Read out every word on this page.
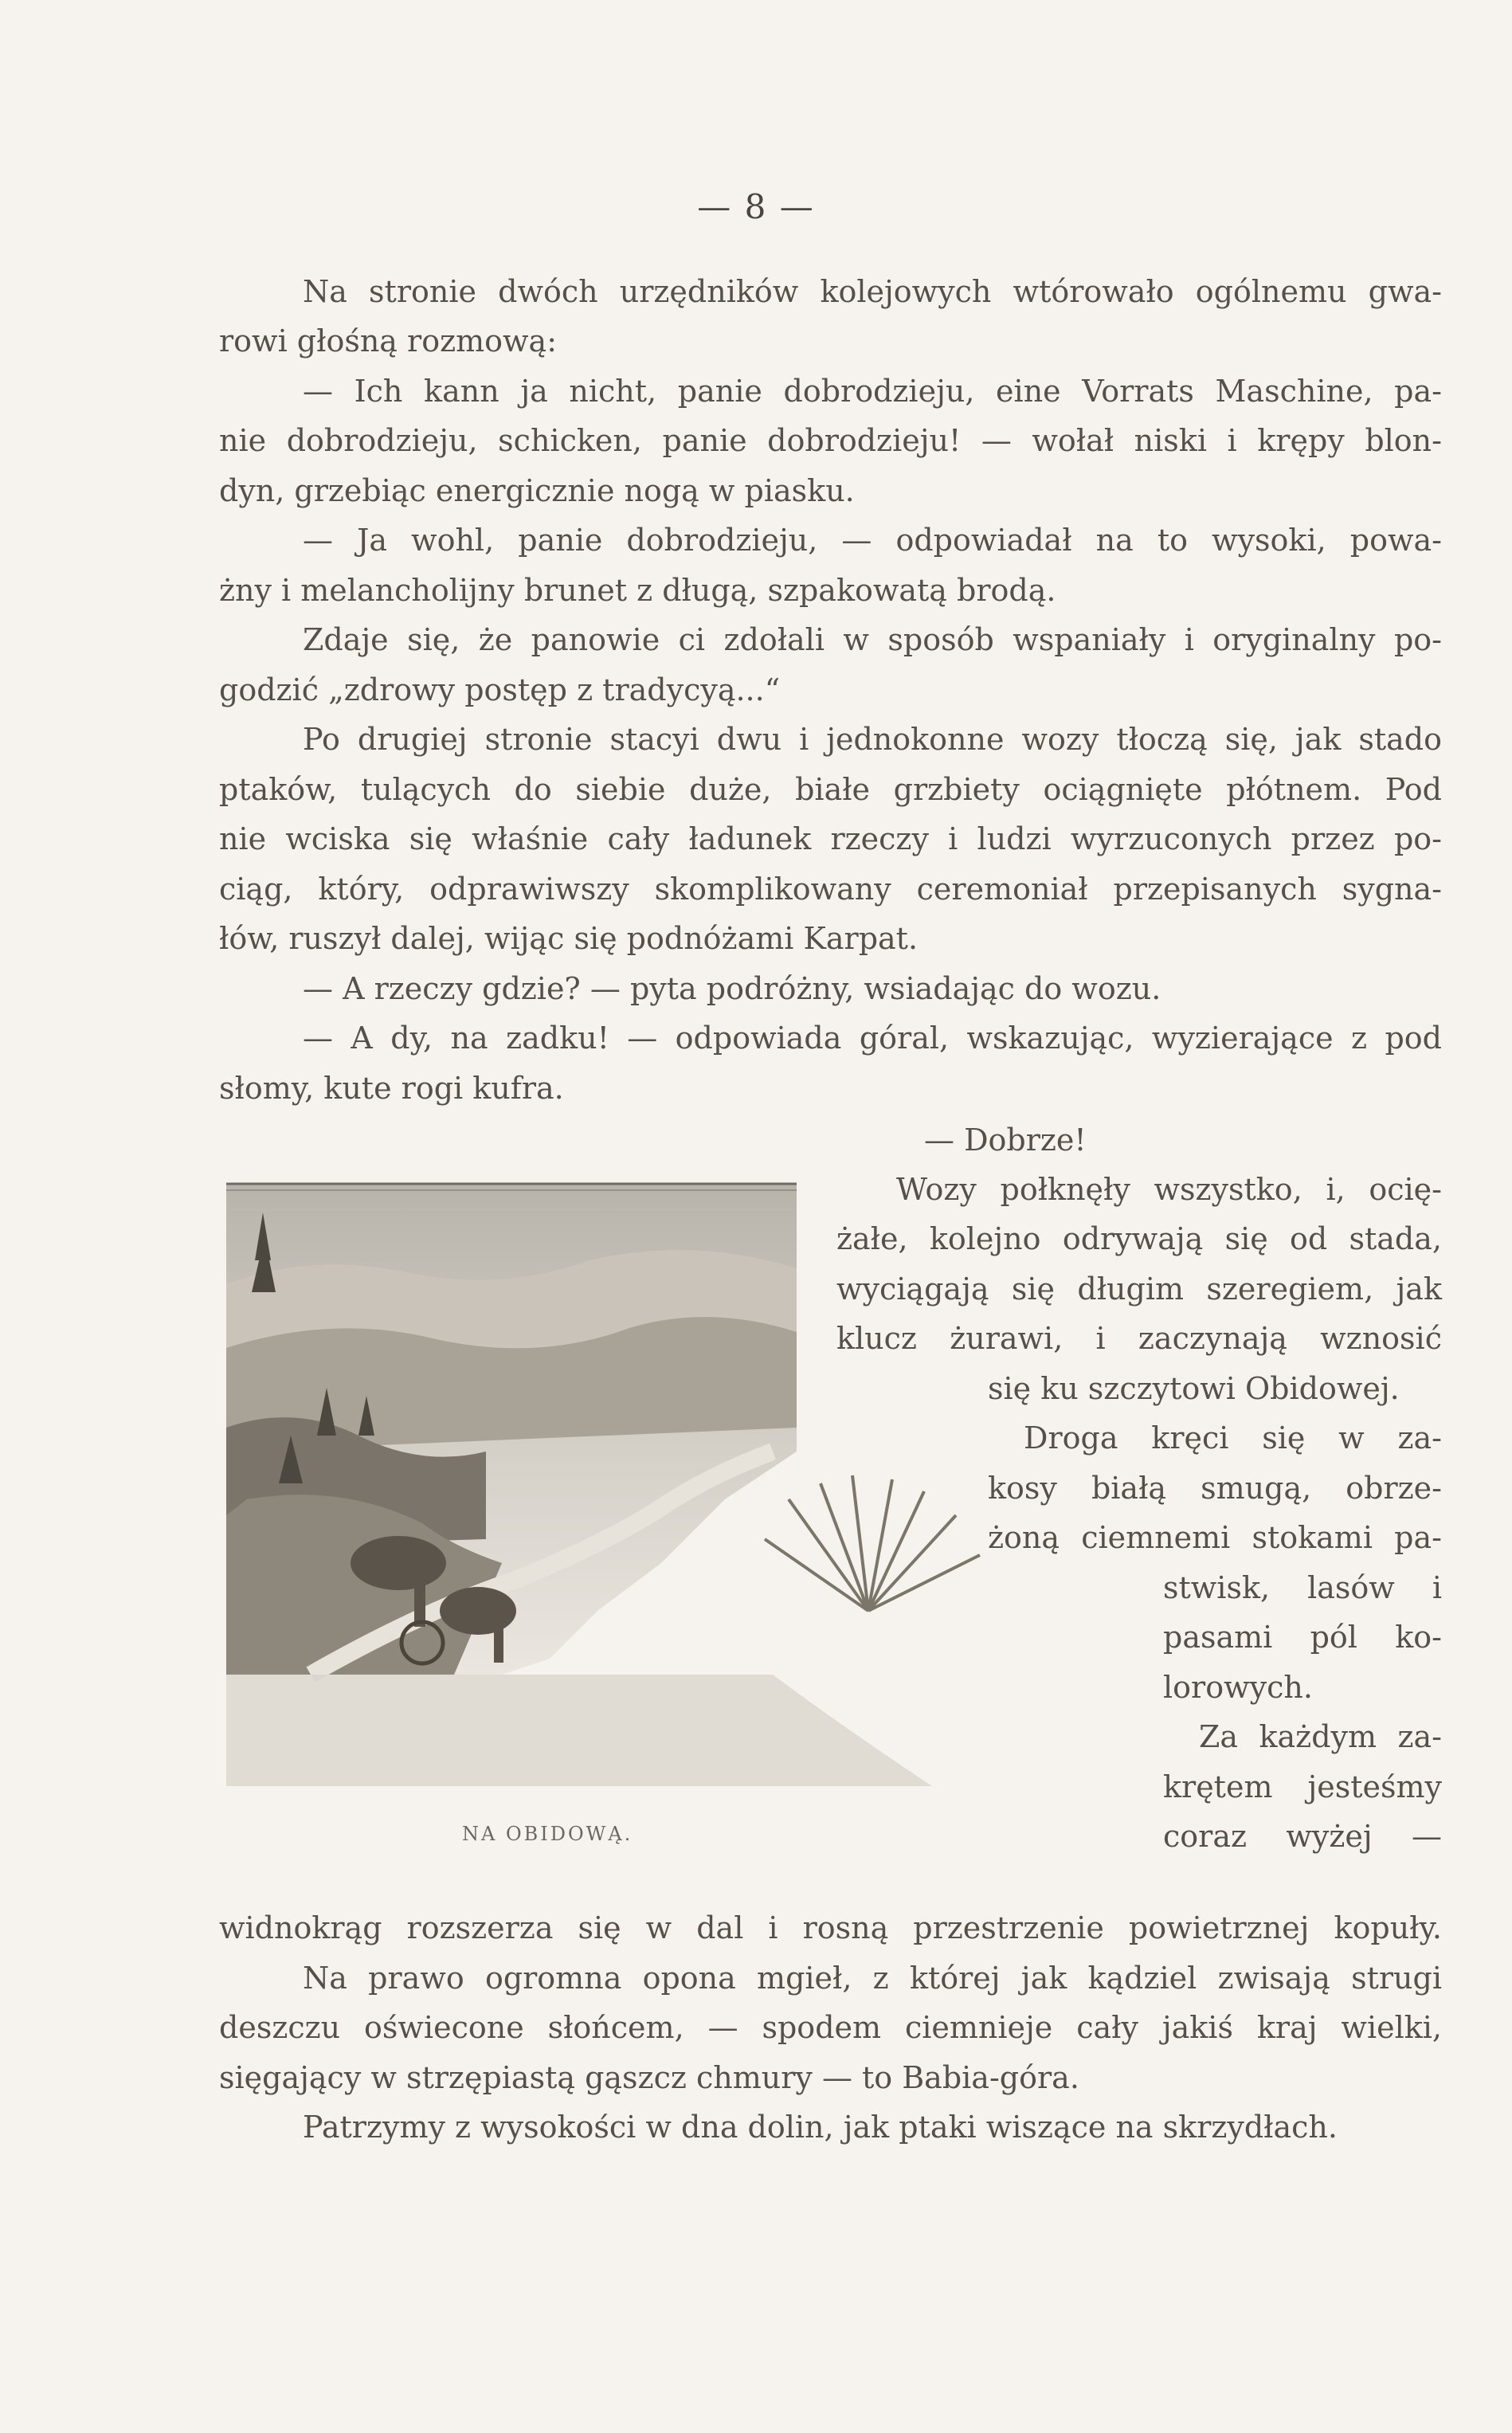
— 8 —
Na stronie dwóch urzędników kolejowych wtórowało ogólnemu gwa-
rowi głośną rozmową:
— Ich kann ja nicht, panie dobrodzieju, eine Vorrats Maschine, pa-
nie dobrodzieju, schicken, panie dobrodzieju! — wołał niski i krępy blon-
dyn, grzebiąc energicznie nogą w piasku.
— Ja wohl, panie dobrodzieju, — odpowiadał na to wysoki, powa-
żny i melancholijny brunet z długą, szpakowatą brodą.
Zdaje się, że panowie ci zdołali w sposób wspaniały i oryginalny po-
godzić „zdrowy postęp z tradycyą...“
Po drugiej stronie stacyi dwu i jednokonne wozy tłoczą się, jak stado
ptaków, tulących do siebie duże, białe grzbiety ociągnięte płótnem. Pod
nie wciska się właśnie cały ładunek rzeczy i ludzi wyrzuconych przez po-
ciąg, który, odprawiwszy skomplikowany ceremoniał przepisanych sygna-
łów, ruszył dalej, wijąc się podnóżami Karpat.
— A rzeczy gdzie? — pyta podróżny, wsiadając do wozu.
— A dy, na zadku! — odpowiada góral, wskazując, wyzierające z pod
słomy, kute rogi kufra.
— Dobrze!
Wozy połknęły wszystko, i, ocię-
żałe, kolejno odrywają się od stada,
wyciągają się długim szeregiem, jak
klucz żurawi, i zaczynają wznosić
się ku szczytowi Obidowej.
Droga kręci się w za-
kosy białą smugą, obrze-
żoną ciemnemi stokami pa-
stwisk, lasów i
pasami pól ko-
lorowych.
Za każdym za-
krętem jesteśmy
coraz wyżej —
widnokrąg rozszerza się w dal i rosną przestrzenie powietrznej kopuły.
Na prawo ogromna opona mgieł, z której jak kądziel zwisają strugi
deszczu oświecone słońcem, — spodem ciemnieje cały jakiś kraj wielki,
sięgający w strzępiastą gąszcz chmury — to Babia-góra.
Patrzymy z wysokości w dna dolin, jak ptaki wiszące na skrzydłach.
NA OBIDOWĄ.
